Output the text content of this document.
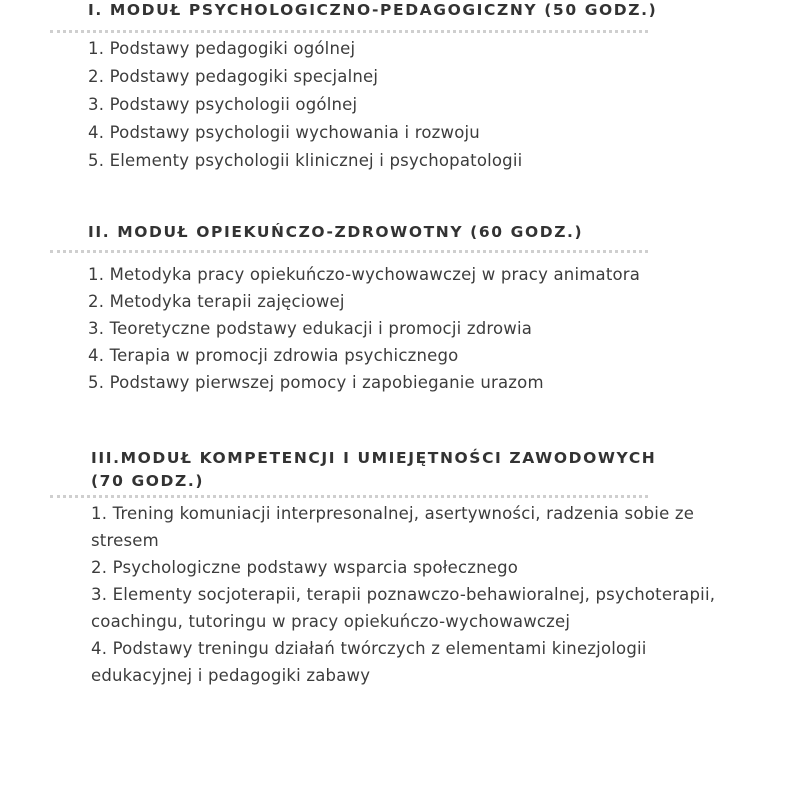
I. MODUŁ PSYCHOLOGICZNO-PEDAGOGICZNY (50 GODZ.)
1. Podstawy pedagogiki ogólnej
2. Podstawy pedagogiki specjalnej
3. Podstawy psychologii ogólnej
4. Podstawy psychologii wychowania i rozwoju
5. Elementy psychologii klinicznej i psychopatologii
II. MODUŁ OPIEKUŃCZO-ZDROWOTNY (60 GODZ.)
1. Metodyka pracy opiekuńczo-wychowawczej w pracy animatora
2. Metodyka terapii zajęciowej
3. Teoretyczne podstawy edukacji i promocji zdrowia
4. Terapia w promocji zdrowia psychicznego
5. Podstawy pierwszej pomocy i zapobieganie urazom
III.MODUŁ KOMPETENCJI I UMIEJĘTNOŚCI ZAWODOWYCH
(70 GODZ.)
1. Trening komuniacji interpresonalnej, asertywności, radzenia sobie ze stresem
2. Psychologiczne podstawy wsparcia społecznego
3. Elementy socjoterapii, terapii poznawczo-behawioralnej, psychoterapii, coachingu, tutoringu w pracy opiekuńczo-wychowawczej
4. Podstawy treningu działań twórczych z elementami kinezjologii edukacyjnej i pedagogiki zabawy
